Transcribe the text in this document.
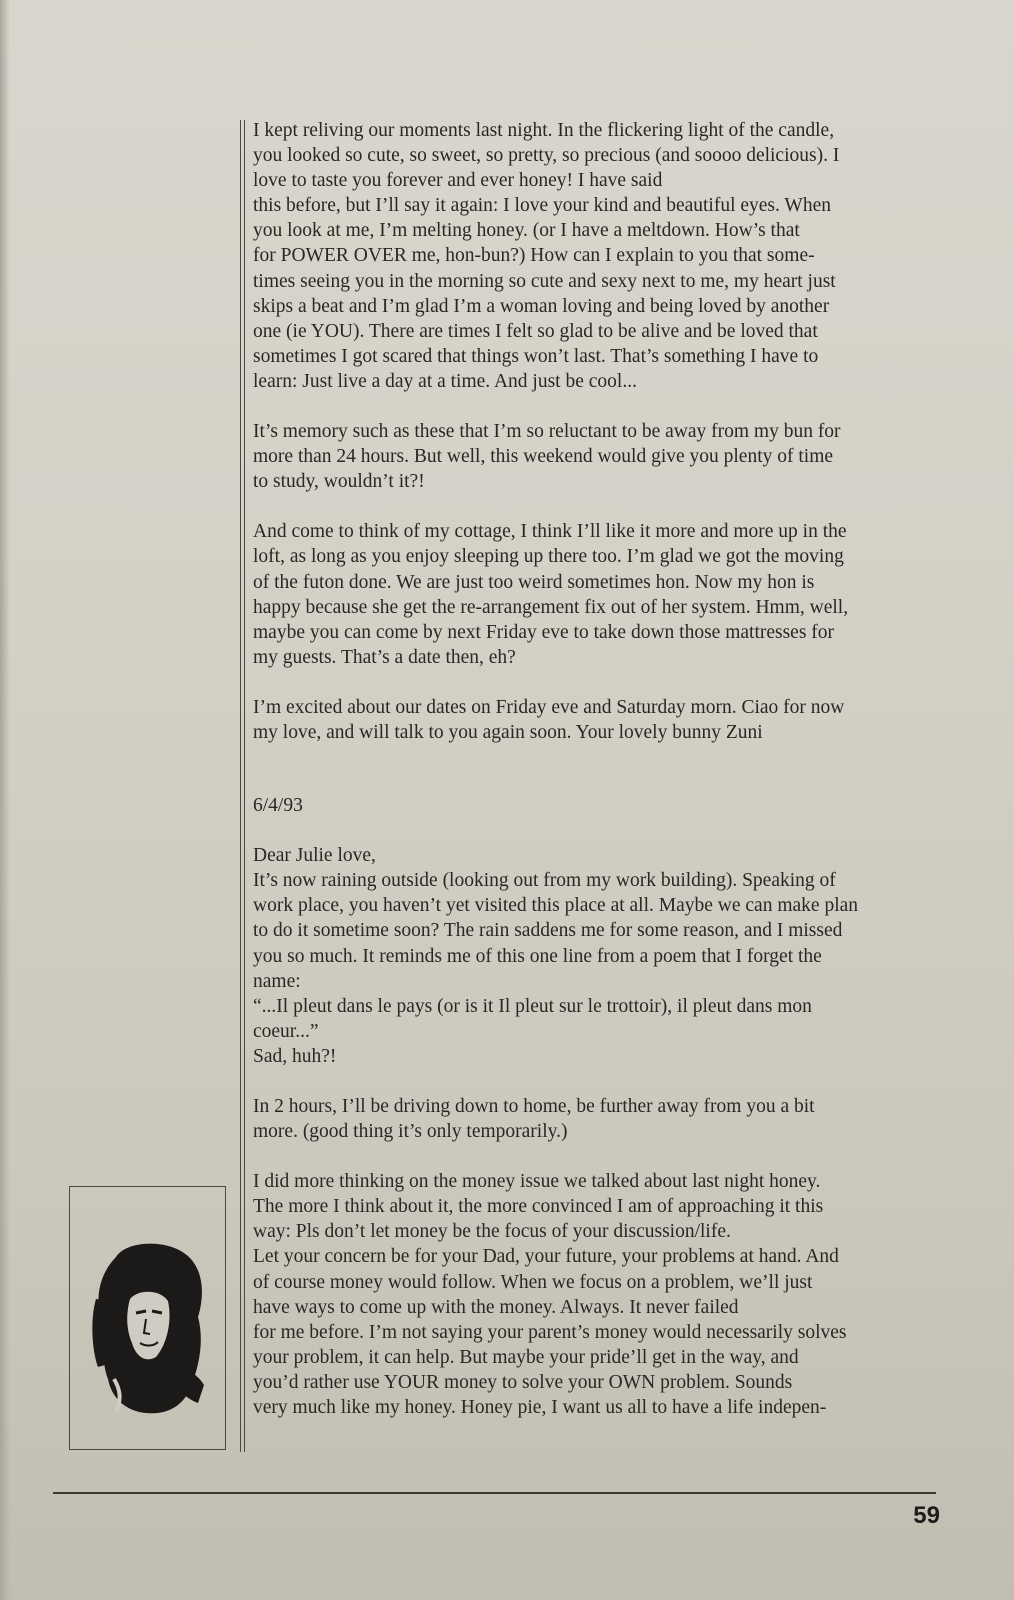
I kept reliving our moments last night. In the flickering light of the candle,
you looked so cute, so sweet, so pretty, so precious (and soooo delicious). I
love to taste you forever and ever honey! I have said
this before, but I’ll say it again: I love your kind and beautiful eyes. When
you look at me, I’m melting honey. (or I have a meltdown. How’s that
for POWER OVER me, hon-bun?) How can I explain to you that some-
times seeing you in the morning so cute and sexy next to me, my heart just
skips a beat and I’m glad I’m a woman loving and being loved by another
one (ie YOU). There are times I felt so glad to be alive and be loved that
sometimes I got scared that things won’t last. That’s something I have to
learn: Just live a day at a time. And just be cool...
It’s memory such as these that I’m so reluctant to be away from my bun for
more than 24 hours. But well, this weekend would give you plenty of time
to study, wouldn’t it?!
And come to think of my cottage, I think I’ll like it more and more up in the
loft, as long as you enjoy sleeping up there too. I’m glad we got the moving
of the futon done. We are just too weird sometimes hon. Now my hon is
happy because she get the re-arrangement fix out of her system. Hmm, well,
maybe you can come by next Friday eve to take down those mattresses for
my guests. That’s a date then, eh?
I’m excited about our dates on Friday eve and Saturday morn. Ciao for now
my love, and will talk to you again soon. Your lovely bunny Zuni
6/4/93
Dear Julie love,
It’s now raining outside (looking out from my work building). Speaking of
work place, you haven’t yet visited this place at all. Maybe we can make plan
to do it sometime soon? The rain saddens me for some reason, and I missed
you so much. It reminds me of this one line from a poem that I forget the
name:
“...Il pleut dans le pays (or is it Il pleut sur le trottoir), il pleut dans mon
coeur...”
Sad, huh?!
In 2 hours, I’ll be driving down to home, be further away from you a bit
more. (good thing it’s only temporarily.)
I did more thinking on the money issue we talked about last night honey.
The more I think about it, the more convinced I am of approaching it this
way: Pls don’t let money be the focus of your discussion/life.
Let your concern be for your Dad, your future, your problems at hand. And
of course money would follow. When we focus on a problem, we’ll just
have ways to come up with the money. Always. It never failed
for me before. I’m not saying your parent’s money would necessarily solves
your problem, it can help. But maybe your pride’ll get in the way, and
you’d rather use YOUR money to solve your OWN problem. Sounds
very much like my honey. Honey pie, I want us all to have a life indepen-
59
